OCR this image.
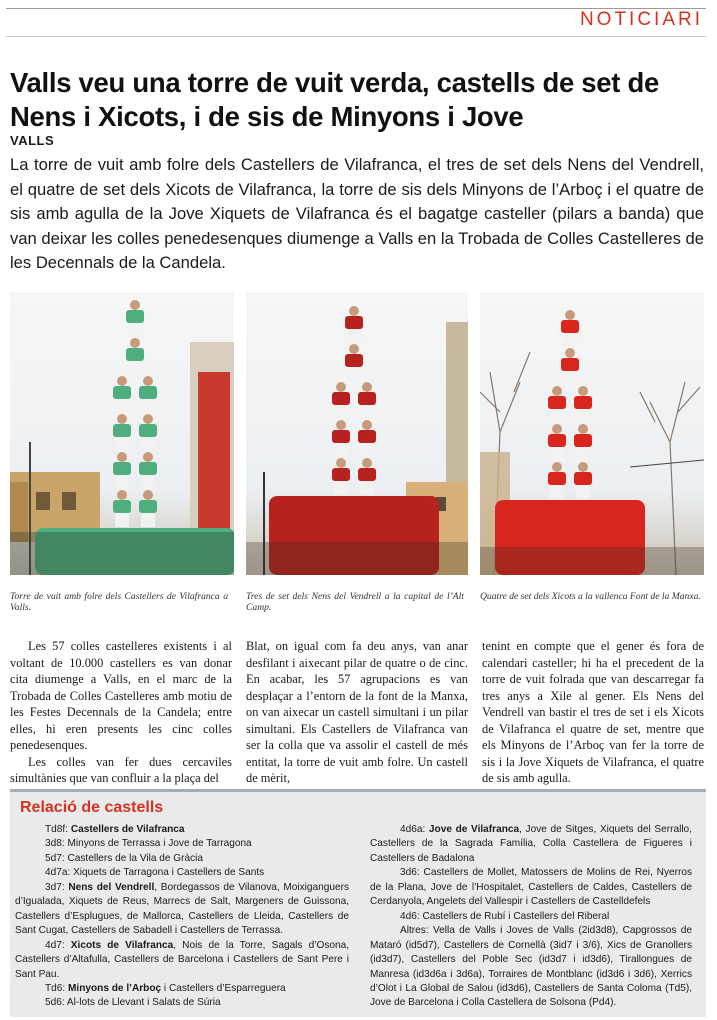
NOTICIARI
Valls veu una torre de vuit verda, castells de set de Nens i Xicots, i de sis de Minyons i Jove
VALLS

La torre de vuit amb folre dels Castellers de Vilafranca, el tres de set dels Nens del Vendrell, el quatre de set dels Xicots de Vilafranca, la torre de sis dels Minyons de l’Arboç i el quatre de sis amb agulla de la Jove Xiquets de Vilafranca és el bagatge casteller (pilars a banda) que van deixar les colles penedesenques diumenge a Valls en la Trobada de Colles Castelleres de les Decennals de la Candela.

Torre de vuit amb folre dels Castellers de Vilafranca a Valls.

Tres de set dels Nens del Vendrell a la capital de l’Alt Camp.

Quatre de set dels Xicots a la vallenca Font de la Manxa.

Les 57 colles castelleres existents i al voltant de 10.000 castellers es van donar cita diumenge a Valls, en el marc de la Trobada de Colles Castelleres amb motiu de les Festes Decennals de la Candela; entre elles, hi eren presents les cinc colles penedesenques.

Les colles van fer dues cercaviles simultànies que van confluir a la plaça del

Blat, on igual com fa deu anys, van anar desfilant i aixecant pilar de quatre o de cinc. En acabar, les 57 agrupacions es van desplaçar a l’entorn de la font de la Manxa, on van aixecar un castell simultani i un pilar simultani. Els Castellers de Vilafranca van ser la colla que va assolir el castell de més entitat, la torre de vuit amb folre. Un castell de mèrit,

tenint en compte que el gener és fora de calendari casteller; hi ha el precedent de la torre de vuit folrada que van descarregar fa tres anys a Xile al gener. Els Nens del Vendrell van bastir el tres de set i els Xicots de Vilafranca el quatre de set, mentre que els Minyons de l’Arboç van fer la torre de sis i la Jove Xiquets de Vilafranca, el quatre de sis amb agulla.

Relació de castells

Td8f: Castellers de Vilafranca

3d8: Minyons de Terrassa i Jove de Tarragona

5d7: Castellers de la Vila de Gràcia

4d7a: Xiquets de Tarragona i Castellers de Sants

3d7: Nens del Vendrell, Bordegassos de Vilanova, Moixiganguers d’Igualada, Xiquets de Reus, Marrecs de Salt, Margeners de Guissona, Castellers d’Esplugues, de Mallorca, Castellers de Lleida, Castellers de Sant Cugat, Castellers de Sabadell i Castellers de Terrassa.

4d7: Xicots de Vilafranca, Nois de la Torre, Sagals d’Osona, Castellers d’Altafulla, Castellers de Barcelona i Castellers de Sant Pere i Sant Pau.

Td6: Minyons de l’Arboç i Castellers d’Esparreguera

5d6: Al-lots de Llevant i Salats de Súria

4d6a: Jove de Vilafranca, Jove de Sitges, Xiquets del Serrallo, Castellers de la Sagrada Família, Colla Castellera de Figueres i Castellers de Badalona

3d6: Castellers de Mollet, Matossers de Molins de Rei, Nyerros de la Plana, Jove de l’Hospitalet, Castellers de Caldes, Castellers de Cerdanyola, Angelets del Vallespir i Castellers de Castelldefels

4d6: Castellers de Rubí i Castellers del Riberal

Altres: Vella de Valls i Joves de Valls (2id3d8), Capgrossos de Mataró (id5d7), Castellers de Cornellà (3id7 i 3/6), Xics de Granollers (id3d7), Castellers del Poble Sec (id3d7 i id3d6), Tirallongues de Manresa (id3d6a i 3d6a), Torraires de Montblanc (id3d6 i 3d6), Xerrics d’Olot i La Global de Salou (id3d6), Castellers de Santa Coloma (Td5), Jove de Barcelona i Colla Castellera de Solsona (Pd4).
